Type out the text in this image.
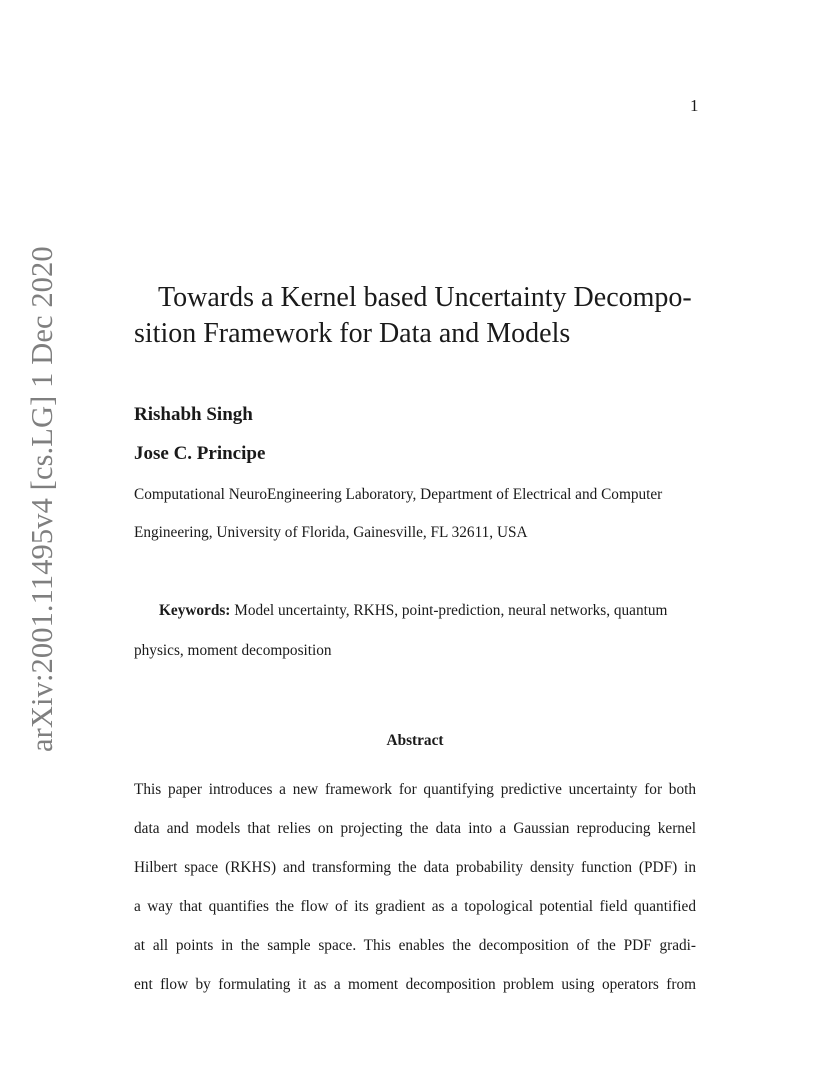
1
arXiv:2001.11495v4 [cs.LG] 1 Dec 2020	Towards a Kernel based Uncertainty Decompo-
sition Framework for Data and Models
Rishabh Singh
Jose C. Principe
Computational NeuroEngineering Laboratory, Department of Electrical and Computer
Engineering, University of Florida, Gainesville, FL 32611, USA
Keywords: Model uncertainty, RKHS, point-prediction, neural networks, quantum
physics, moment decomposition
Abstract
This paper introduces a new framework for quantifying predictive uncertainty for both
data and models that relies on projecting the data into a Gaussian reproducing kernel
Hilbert space (RKHS) and transforming the data probability density function (PDF) in
a way that quantifies the flow of its gradient as a topological potential field quantified
at all points in the sample space. This enables the decomposition of the PDF gradi-
ent flow by formulating it as a moment decomposition problem using operators from
